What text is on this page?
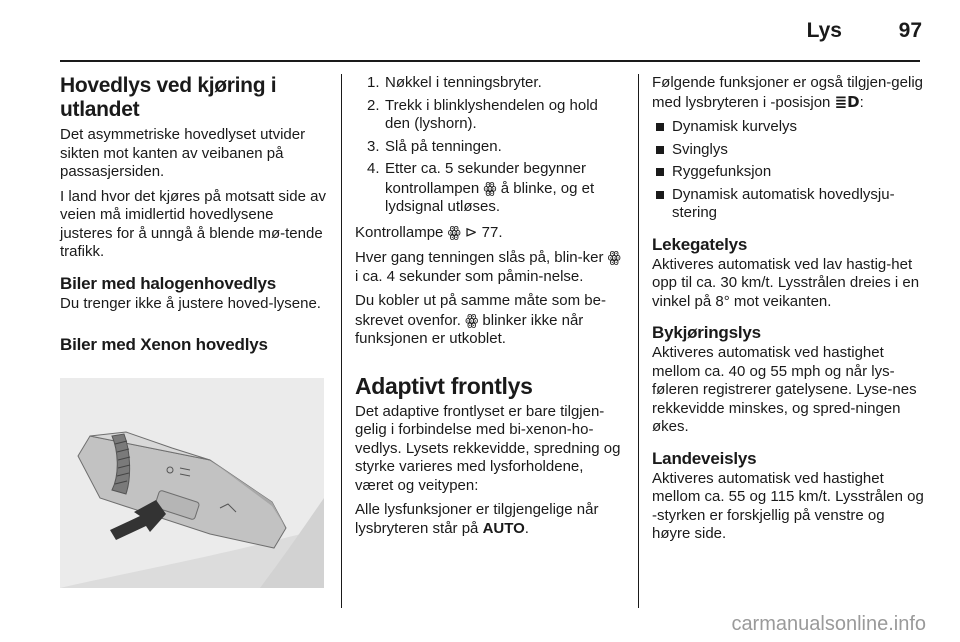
Lys	97
Hovedlys ved kjøring i utlandet

Det asymmetriske hovedlyset utvider sikten mot kanten av veibanen på passasjersiden.

I land hvor det kjøres på motsatt side av veien må imidlertid hovedlysene justeres for å unngå å blende mø-tende trafikk.

Biler med halogenhovedlys

Du trenger ikke å justere hoved-lysene.

Biler med Xenon hovedlys
1. Nøkkel i tenningsbryter.
2. Trekk i blinklyshendelen og hold den (lyshorn).
3. Slå på tenningen.
4. Etter ca. 5 sekunder begynner kontrollampen ꙮ å blinke, og et lydsignal utløses.

Kontrollampe ꙮ ⊳ 77.

Hver gang tenningen slås på, blin-ker ꙮ i ca. 4 sekunder som påmin-nelse.

Du kobler ut på samme måte som be-skrevet ovenfor. ꙮ blinker ikke når funksjonen er utkoblet.

Adaptivt frontlys

Det adaptive frontlyset er bare tilgjen-gelig i forbindelse med bi-xenon-ho-vedlys. Lysets rekkevidde, spredning og styrke varieres med lysforholdene, været og veitypen:

Alle lysfunksjoner er tilgjengelige når lysbryteren står på AUTO.

Følgende funksjoner er også tilgjen-gelig med lysbryteren i -posisjon ≣D:

Dynamisk kurvelys
Svinglys
Ryggefunksjon
Dynamisk automatisk hovedlysju-stering
Lekegatelys

Aktiveres automatisk ved lav hastig-het opp til ca. 30 km/t. Lysstrålen dreies i en vinkel på 8° mot veikanten.

Bykjøringslys

Aktiveres automatisk ved hastighet mellom ca. 40 og 55 mph og når lys-føleren registrerer gatelysene. Lyse-nes rekkevidde minskes, og spred-ningen økes.

Landeveislys

Aktiveres automatisk ved hastighet mellom ca. 55 og 115 km/t. Lysstrålen og -styrken er forskjellig på venstre og høyre side.

carmanualsonline.info
